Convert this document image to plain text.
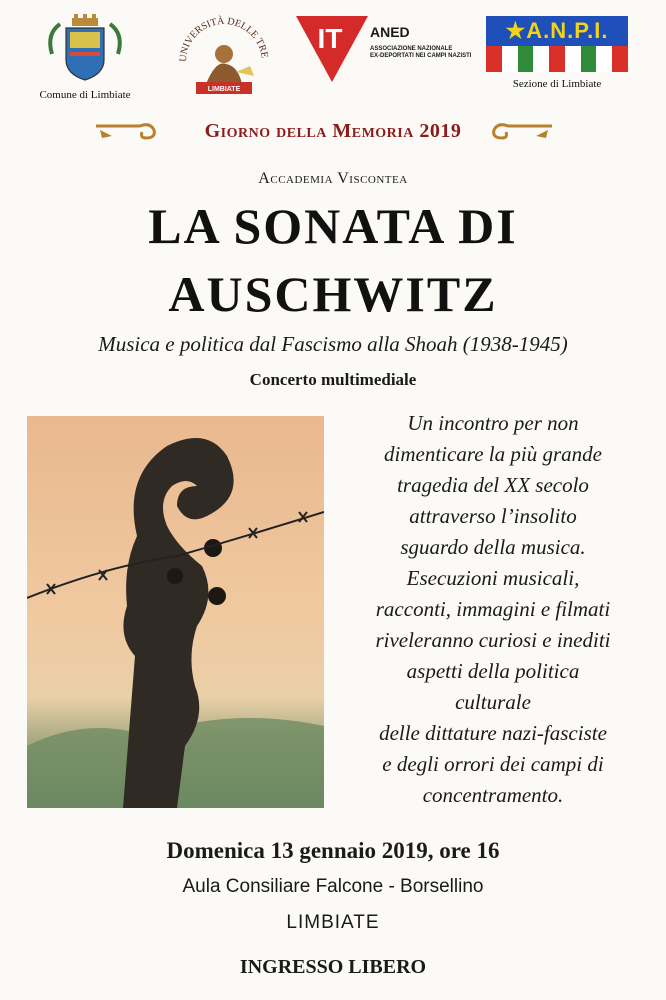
Comune di Limbiate
UNIVERSITÀ DELLE TRE
LIMBIATE
IT ANED
ASSOCIAZIONE NAZIONALE
EX-DEPORTATI NEI CAMPI NAZISTI
★A.N.P.I.
Sezione di Limbiate
Giorno della Memoria 2019
Accademia Viscontea
LA SONATA DI
AUSCHWITZ
Musica e politica dal Fascismo alla Shoah (1938-1945)
Concerto multimediale
Un incontro per non
dimenticare la più grande
tragedia del XX secolo
attraverso l’insolito
sguardo della musica.
Esecuzioni musicali,
racconti, immagini e filmati
riveleranno curiosi e inediti
aspetti della politica
culturale
delle dittature nazi-fasciste
e degli orrori dei campi di
concentramento.
Domenica 13 gennaio 2019, ore 16
Aula Consiliare Falcone - Borsellino
LIMBIATE
INGRESSO LIBERO
